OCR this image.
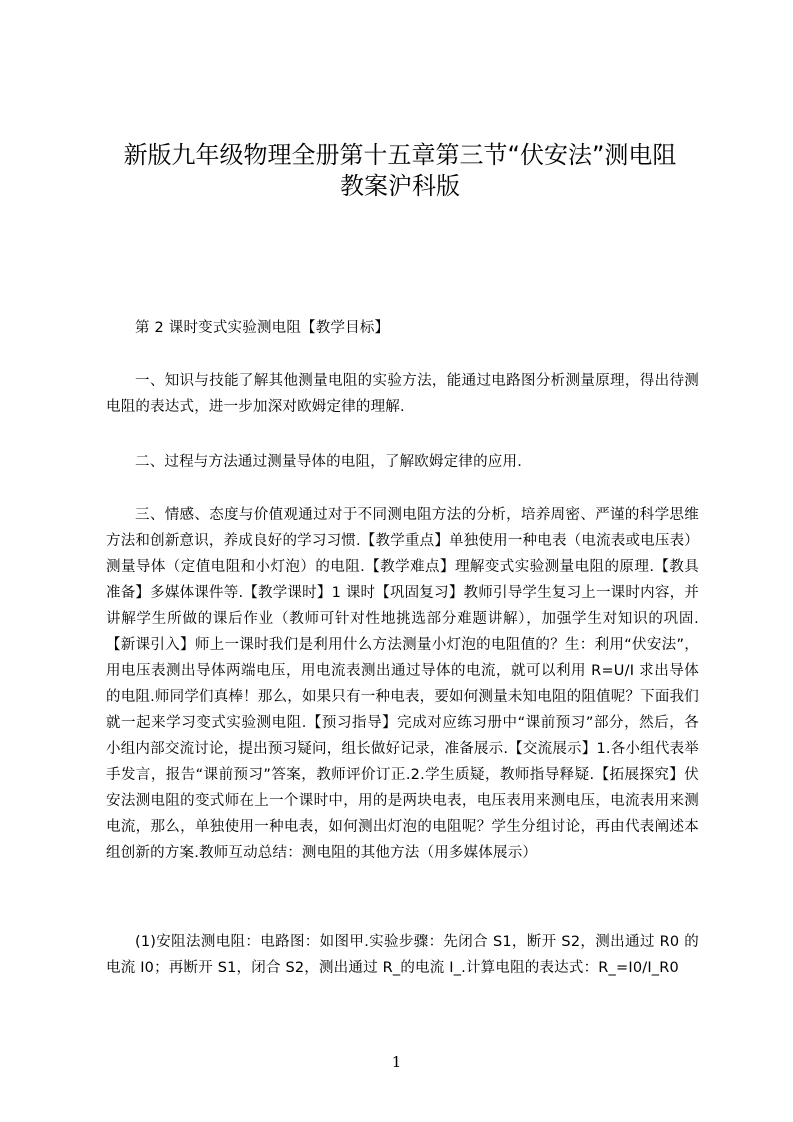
新版九年级物理全册第十五章第三节“伏安法”测电阻
教案沪科版

第 2 课时变式实验测电阻【教学目标】

一、知识与技能了解其他测量电阻的实验方法，能通过电路图分析测量原理，得出待测电阻的表达式，进一步加深对欧姆定律的理解.

二、过程与方法通过测量导体的电阻，了解欧姆定律的应用.

三、情感、态度与价值观通过对于不同测电阻方法的分析，培养周密、严谨的科学思维方法和创新意识，养成良好的学习习惯.【教学重点】单独使用一种电表（电流表或电压表）测量导体（定值电阻和小灯泡）的电阻.【教学难点】理解变式实验测量电阻的原理.【教具准备】多媒体课件等.【教学课时】1 课时【巩固复习】教师引导学生复习上一课时内容，并讲解学生所做的课后作业（教师可针对性地挑选部分难题讲解），加强学生对知识的巩固.【新课引入】师上一课时我们是利用什么方法测量小灯泡的电阻值的？生：利用“伏安法”，用电压表测出导体两端电压，用电流表测出通过导体的电流，就可以利用 R=U/I 求出导体的电阻.师同学们真棒！那么，如果只有一种电表，要如何测量未知电阻的阻值呢？下面我们就一起来学习变式实验测电阻.【预习指导】完成对应练习册中“课前预习”部分，然后，各小组内部交流讨论，提出预习疑问，组长做好记录，准备展示.【交流展示】1.各小组代表举手发言，报告“课前预习”答案，教师评价订正.2.学生质疑，教师指导释疑.【拓展探究】伏安法测电阻的变式师在上一个课时中，用的是两块电表，电压表用来测电压，电流表用来测电流，那么，单独使用一种电表，如何测出灯泡的电阻呢？学生分组讨论，再由代表阐述本组创新的方案.教师互动总结：测电阻的其他方法（用多媒体展示）

(1)安阻法测电阻：电路图：如图甲.实验步骤：先闭合 S1，断开 S2，测出通过 R0 的电流 I0；再断开 S1，闭合 S2，测出通过 R_的电流 I_.计算电阻的表达式：R_=I0/I_R0

1
